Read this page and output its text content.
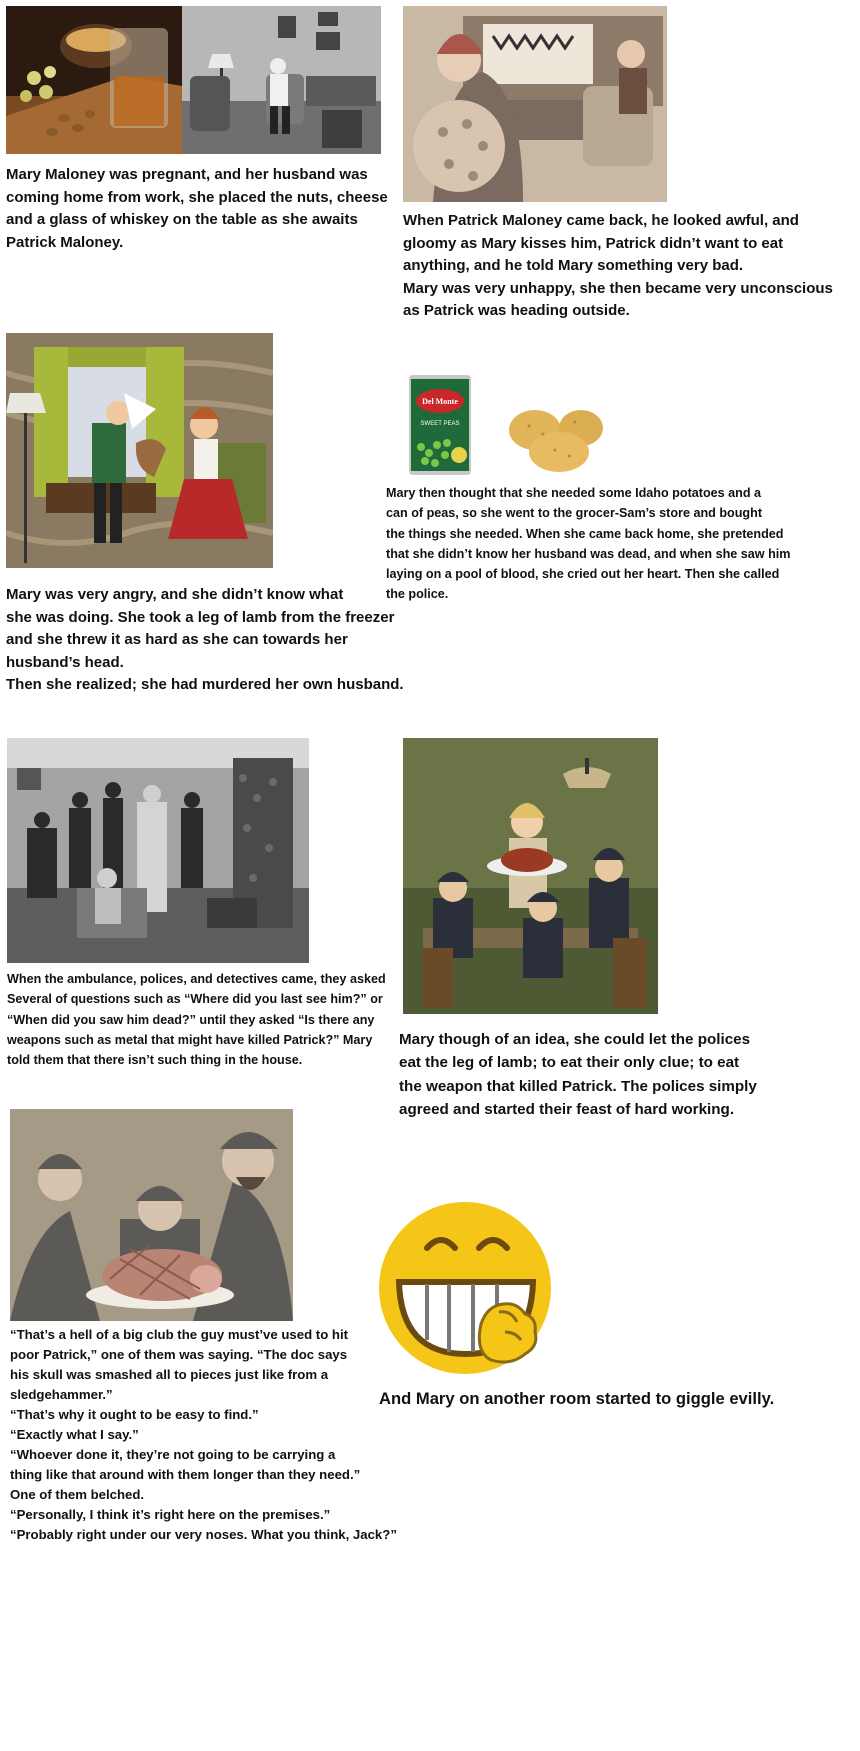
Mary Maloney was pregnant, and her husband was

coming home from work, she placed the nuts, cheese

and a glass of whiskey on the table as she awaits

Patrick Maloney.

When Patrick Maloney came back, he looked awful, and

gloomy as Mary kisses him, Patrick didn’t want to eat

anything, and he told Mary something very bad.

Mary was very unhappy, she then became very unconscious

as Patrick was heading outside.

Mary was very angry, and she didn’t know what

she was doing. She took a leg of lamb from the freezer

and she threw it as hard as she can towards her

husband’s head.

Then she realized; she had murdered her own husband.

Del Monte
SWEET PEAS

Mary then thought that she needed some Idaho potatoes and a

can of peas, so she went to the grocer-Sam’s store and bought

the things she needed. When she came back home, she pretended

that she didn’t know her husband was dead, and when she saw him

laying on a pool of blood, she cried out her heart. Then she called

the police.

When the ambulance, polices, and detectives came, they asked

Several of questions such as “Where did you last see him?” or

“When did you saw him dead?” until they asked “Is there any

weapons such as metal that might have killed Patrick?” Mary

told them that there isn’t such thing in the house.

Mary though of an idea, she could let the polices

eat the leg of lamb; to eat their only clue; to eat

the weapon that killed Patrick. The polices simply

agreed and started their feast of hard working.

“That’s a hell of a big club the guy must’ve used to hit

poor Patrick,” one of them was saying. “The doc says

his skull was smashed all to pieces just like from a

sledgehammer.”

“That’s why it ought to be easy to find.”

“Exactly what I say.”

“Whoever done it, they’re not going to be carrying a

thing like that around with them longer than they need.”

One of them belched.

“Personally, I think it’s right here on the premises.”

“Probably right under our very noses. What you think, Jack?”

And Mary on another room started to giggle evilly.
